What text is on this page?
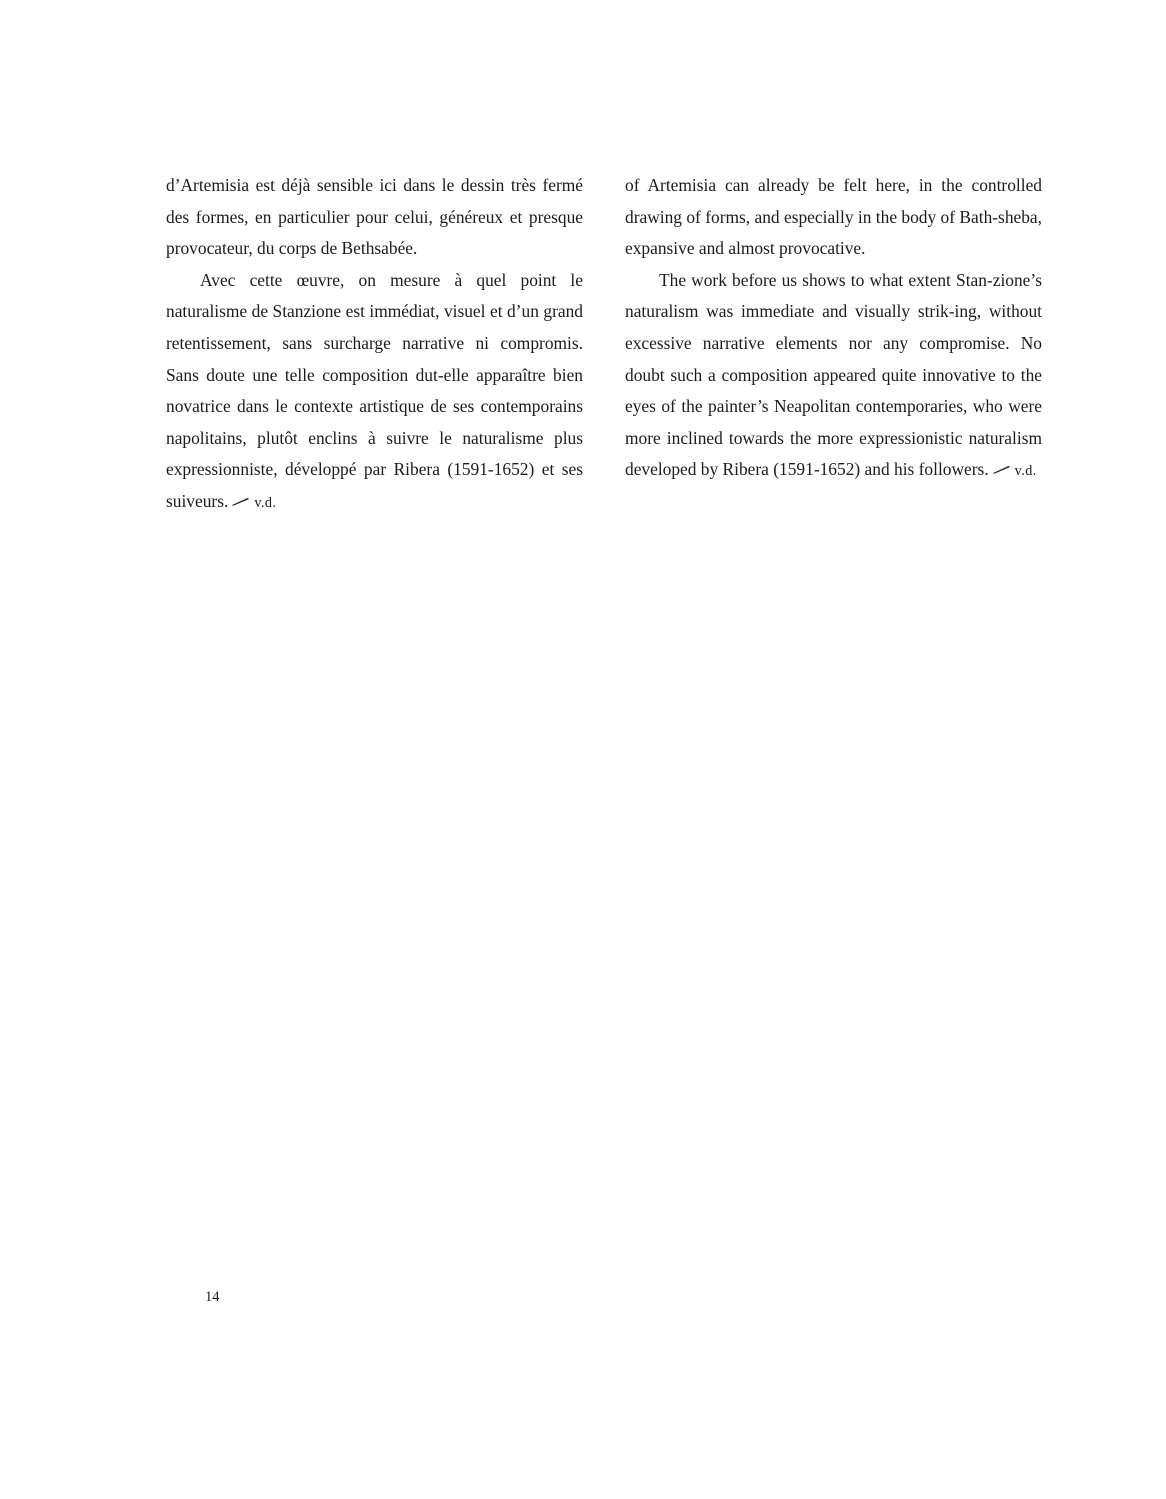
d’Artemisia est déjà sensible ici dans le dessin très fermé des formes, en particulier pour celui, généreux et presque provocateur, du corps de Bethsabée.

Avec cette œuvre, on mesure à quel point le naturalisme de Stanzione est immédiat, visuel et d’un grand retentissement, sans surcharge narrative ni compromis. Sans doute une telle composition dut-elle apparaître bien novatrice dans le contexte artistique de ses contemporains napolitains, plutôt enclins à suivre le naturalisme plus expressionniste, développé par Ribera (1591-1652) et ses suiveurs. v.d.

of Artemisia can already be felt here, in the controlled drawing of forms, and especially in the body of Bath-sheba, expansive and almost provocative.

The work before us shows to what extent Stan-zione’s naturalism was immediate and visually strik-ing, without excessive narrative elements nor any compromise. No doubt such a composition appeared quite innovative to the eyes of the painter’s Neapolitan contemporaries, who were more inclined towards the more expressionistic naturalism developed by Ribera (1591-1652) and his followers. v.d.

14
